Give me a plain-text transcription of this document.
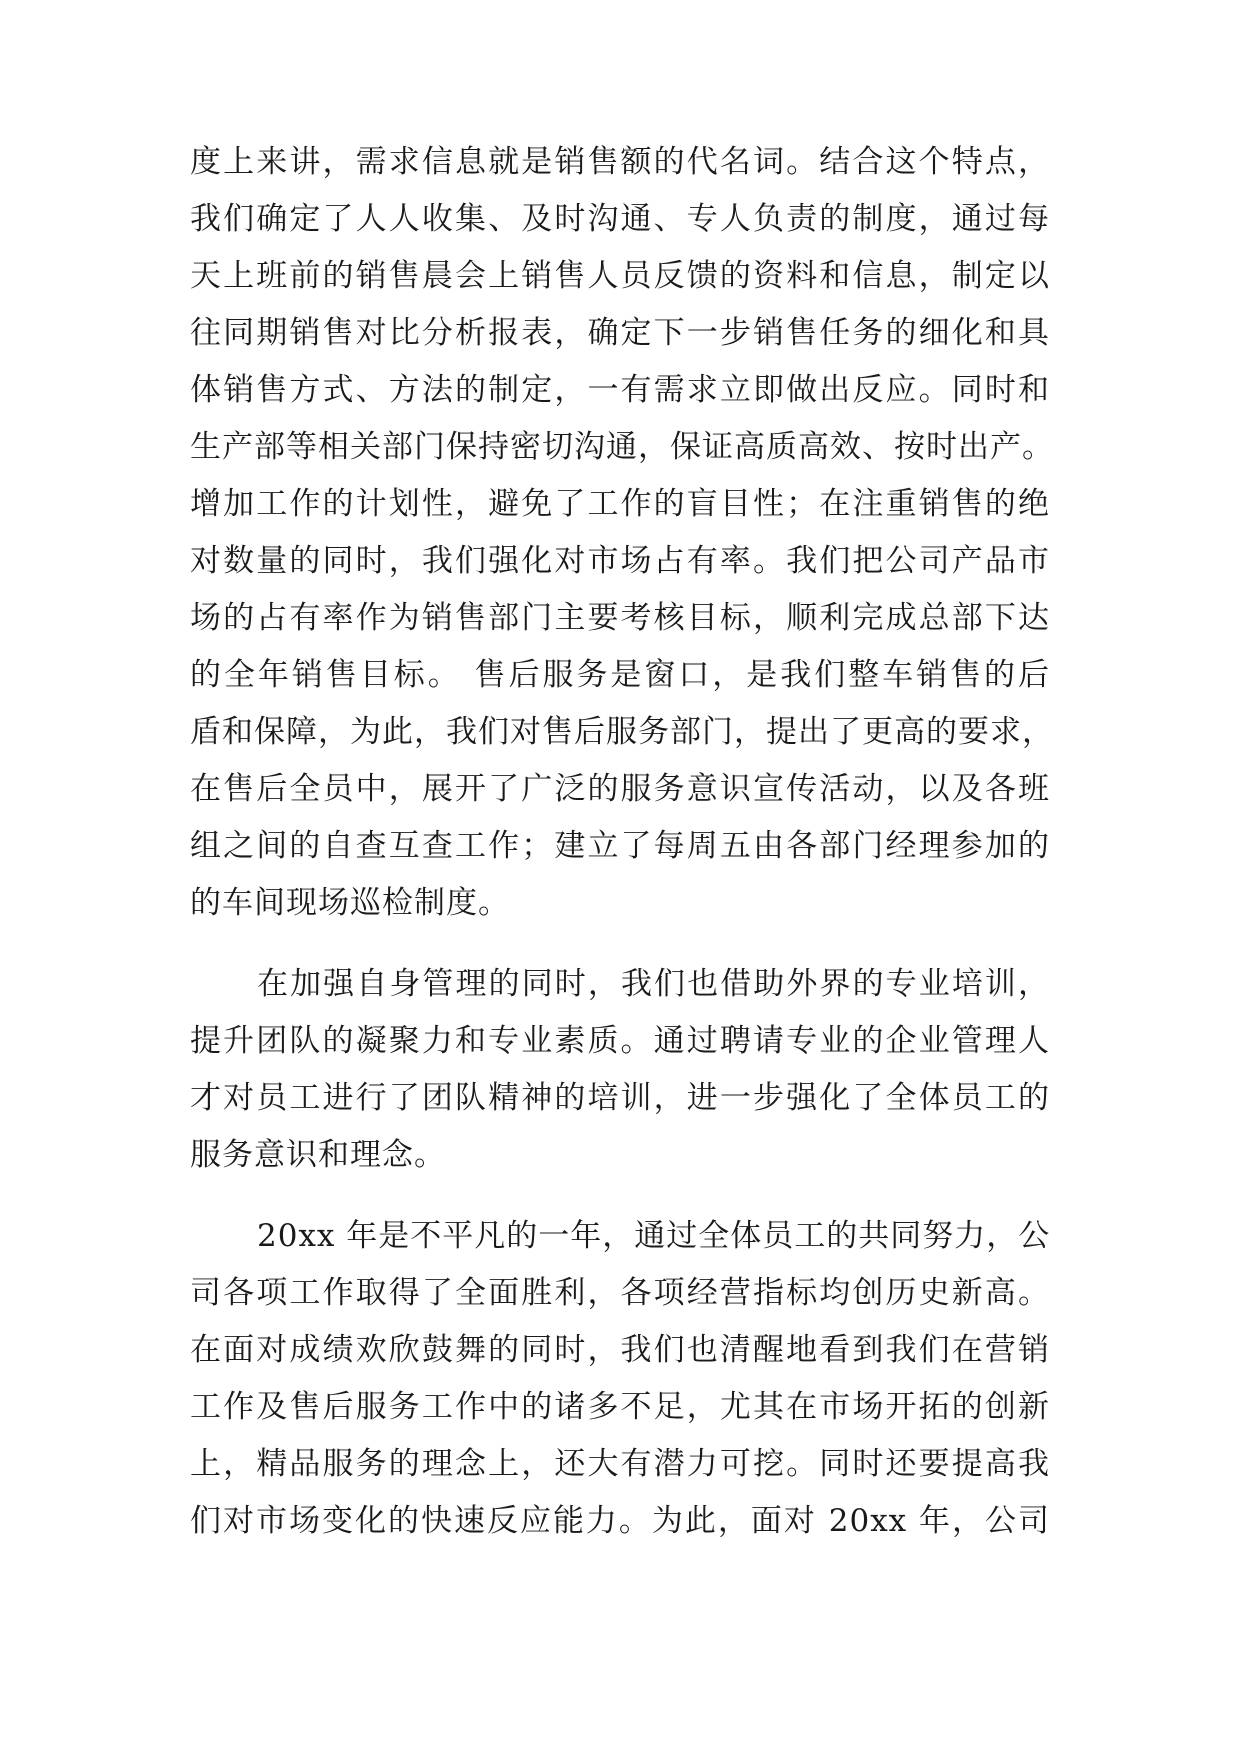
度上来讲，需求信息就是销售额的代名词。结合这个特点，
我们确定了人人收集、及时沟通、专人负责的制度，通过每
天上班前的销售晨会上销售人员反馈的资料和信息，制定以
往同期销售对比分析报表，确定下一步销售任务的细化和具
体销售方式、方法的制定，一有需求立即做出反应。同时和
生产部等相关部门保持密切沟通，保证高质高效、按时出产。
增加工作的计划性，避免了工作的盲目性；在注重销售的绝
对数量的同时，我们强化对市场占有率。我们把公司产品市
场的占有率作为销售部门主要考核目标，顺利完成总部下达
的全年销售目标。 售后服务是窗口，是我们整车销售的后
盾和保障，为此，我们对售后服务部门，提出了更高的要求，
在售后全员中，展开了广泛的服务意识宣传活动，以及各班
组之间的自查互查工作；建立了每周五由各部门经理参加的
的车间现场巡检制度。
在加强自身管理的同时，我们也借助外界的专业培训，
提升团队的凝聚力和专业素质。通过聘请专业的企业管理人
才对员工进行了团队精神的培训，进一步强化了全体员工的
服务意识和理念。
20xx 年是不平凡的一年，通过全体员工的共同努力，公
司各项工作取得了全面胜利，各项经营指标均创历史新高。
在面对成绩欢欣鼓舞的同时，我们也清醒地看到我们在营销
工作及售后服务工作中的诸多不足，尤其在市场开拓的创新
上，精品服务的理念上，还大有潜力可挖。同时还要提高我
们对市场变化的快速反应能力。为此，面对 20xx 年，公司
